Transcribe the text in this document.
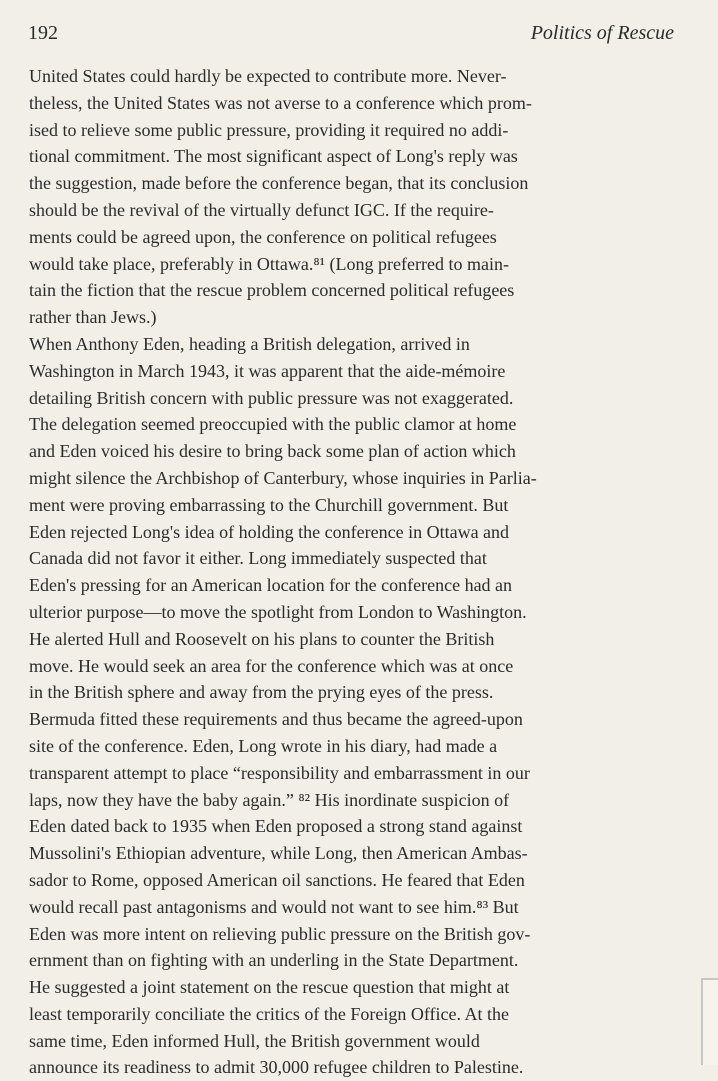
192	Politics of Rescue
United States could hardly be expected to contribute more. Never-
theless, the United States was not averse to a conference which prom-
ised to relieve some public pressure, providing it required no addi-
tional commitment. The most significant aspect of Long's reply was
the suggestion, made before the conference began, that its conclusion
should be the revival of the virtually defunct IGC. If the require-
ments could be agreed upon, the conference on political refugees
would take place, preferably in Ottawa.⁸¹ (Long preferred to main-
tain the fiction that the rescue problem concerned political refugees
rather than Jews.)
When Anthony Eden, heading a British delegation, arrived in
Washington in March 1943, it was apparent that the aide-mémoire
detailing British concern with public pressure was not exaggerated.
The delegation seemed preoccupied with the public clamor at home
and Eden voiced his desire to bring back some plan of action which
might silence the Archbishop of Canterbury, whose inquiries in Parlia-
ment were proving embarrassing to the Churchill government. But
Eden rejected Long's idea of holding the conference in Ottawa and
Canada did not favor it either. Long immediately suspected that
Eden's pressing for an American location for the conference had an
ulterior purpose—to move the spotlight from London to Washington.
He alerted Hull and Roosevelt on his plans to counter the British
move. He would seek an area for the conference which was at once
in the British sphere and away from the prying eyes of the press.
Bermuda fitted these requirements and thus became the agreed-upon
site of the conference. Eden, Long wrote in his diary, had made a
transparent attempt to place “responsibility and embarrassment in our
laps, now they have the baby again.” ⁸² His inordinate suspicion of
Eden dated back to 1935 when Eden proposed a strong stand against
Mussolini's Ethiopian adventure, while Long, then American Ambas-
sador to Rome, opposed American oil sanctions. He feared that Eden
would recall past antagonisms and would not want to see him.⁸³ But
Eden was more intent on relieving public pressure on the British gov-
ernment than on fighting with an underling in the State Department.
He suggested a joint statement on the rescue question that might at
least temporarily conciliate the critics of the Foreign Office. At the
same time, Eden informed Hull, the British government would
announce its readiness to admit 30,000 refugee children to Palestine.
